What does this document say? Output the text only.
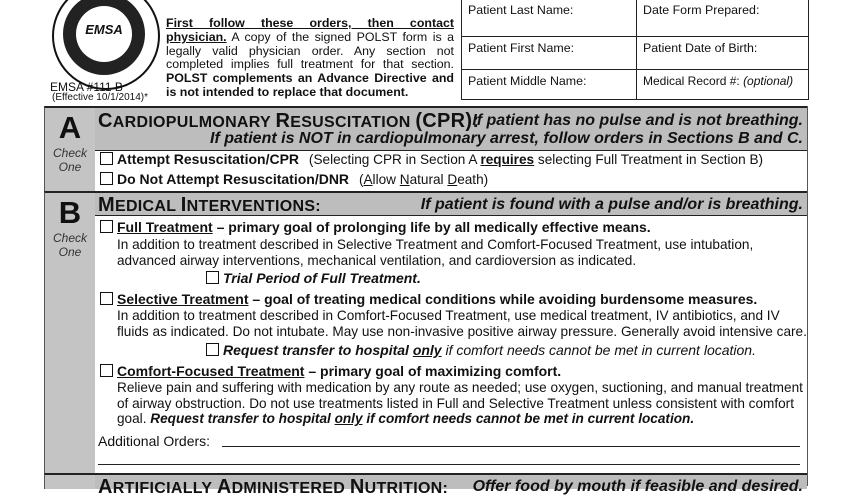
EMSA
EMSA #111 B
(Effective 10/1/2014)*
First follow these orders, then contact physician. A copy of the signed POLST form is a legally valid physician order. Any section not completed implies full treatment for that section. POLST complements an Advance Directive and is not intended to replace that document.
Patient Last Name:	Date Form Prepared:
Patient First Name:	Patient Date of Birth:
Patient Middle Name:	Medical Record #: (optional)
A
Check
One
B
Check
One
CARDIOPULMONARY RESUSCITATION (CPR):
If patient has no pulse and is not breathing.
If patient is NOT in cardiopulmonary arrest, follow orders in Sections B and C.
Attempt Resuscitation/CPR (Selecting CPR in Section A requires selecting Full Treatment in Section B)
Do Not Attempt Resuscitation/DNR (Allow Natural Death)
MEDICAL INTERVENTIONS:	If patient is found with a pulse and/or is breathing.
Full Treatment – primary goal of prolonging life by all medically effective means.
In addition to treatment described in Selective Treatment and Comfort-Focused Treatment, use intubation, advanced airway interventions, mechanical ventilation, and cardioversion as indicated.
Trial Period of Full Treatment.
Selective Treatment – goal of treating medical conditions while avoiding burdensome measures.
In addition to treatment described in Comfort-Focused Treatment, use medical treatment, IV antibiotics, and IV fluids as indicated. Do not intubate. May use non-invasive positive airway pressure. Generally avoid intensive care.
Request transfer to hospital only if comfort needs cannot be met in current location.
Comfort-Focused Treatment – primary goal of maximizing comfort.
Relieve pain and suffering with medication by any route as needed; use oxygen, suctioning, and manual treatment of airway obstruction. Do not use treatments listed in Full and Selective Treatment unless consistent with comfort goal. Request transfer to hospital only if comfort needs cannot be met in current location.
Additional Orders:
ARTIFICIALLY ADMINISTERED NUTRITION: Offer food by mouth if feasible and desired.
